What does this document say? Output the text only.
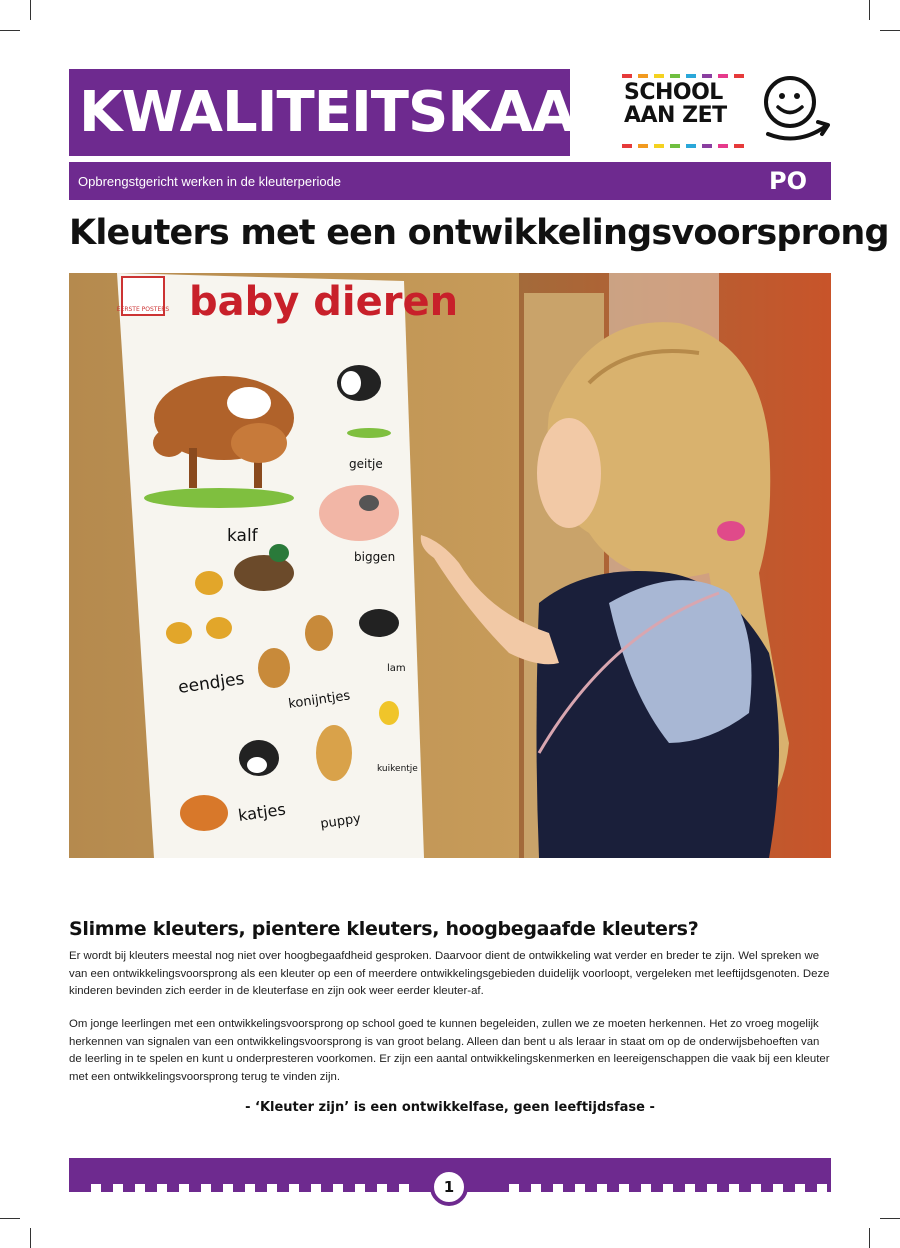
KWALITEITSKAART
SCHOOL
AAN ZET
Opbrengstgericht werken in de kleuterperiode	PO
Kleuters met een ontwikkelingsvoorsprong
EERSTE POSTERS baby dieren
kalf
geitje
biggen
eendjes
konijntjes
lam
katjes	puppy
kuikentje
Slimme kleuters, pientere kleuters, hoogbegaafde kleuters?
Er wordt bij kleuters meestal nog niet over hoogbegaafdheid gesproken. Daarvoor dient de ontwikkeling wat verder en breder te zijn. Wel spreken we van een ontwikkelingsvoorsprong als een kleuter op een of meerdere ontwikkelingsgebieden duidelijk voorloopt, vergeleken met leeftijdsgenoten. Deze kinderen bevinden zich eerder in de kleuterfase en zijn ook weer eerder kleuter-af.
Om jonge leerlingen met een ontwikkelingsvoorsprong op school goed te kunnen begeleiden, zullen we ze moeten herkennen. Het zo vroeg mogelijk herkennen van signalen van een ontwikkelingsvoorsprong is van groot belang. Alleen dan bent u als leraar in staat om op de onderwijsbehoeften van de leerling in te spelen en kunt u onderpresteren voorkomen. Er zijn een aantal ontwikkelingskenmerken en leereigenschappen die vaak bij een kleuter met een ontwikkelingsvoorsprong terug te vinden zijn.
- ‘Kleuter zijn’ is een ontwikkelfase, geen leeftijdsfase -
1
